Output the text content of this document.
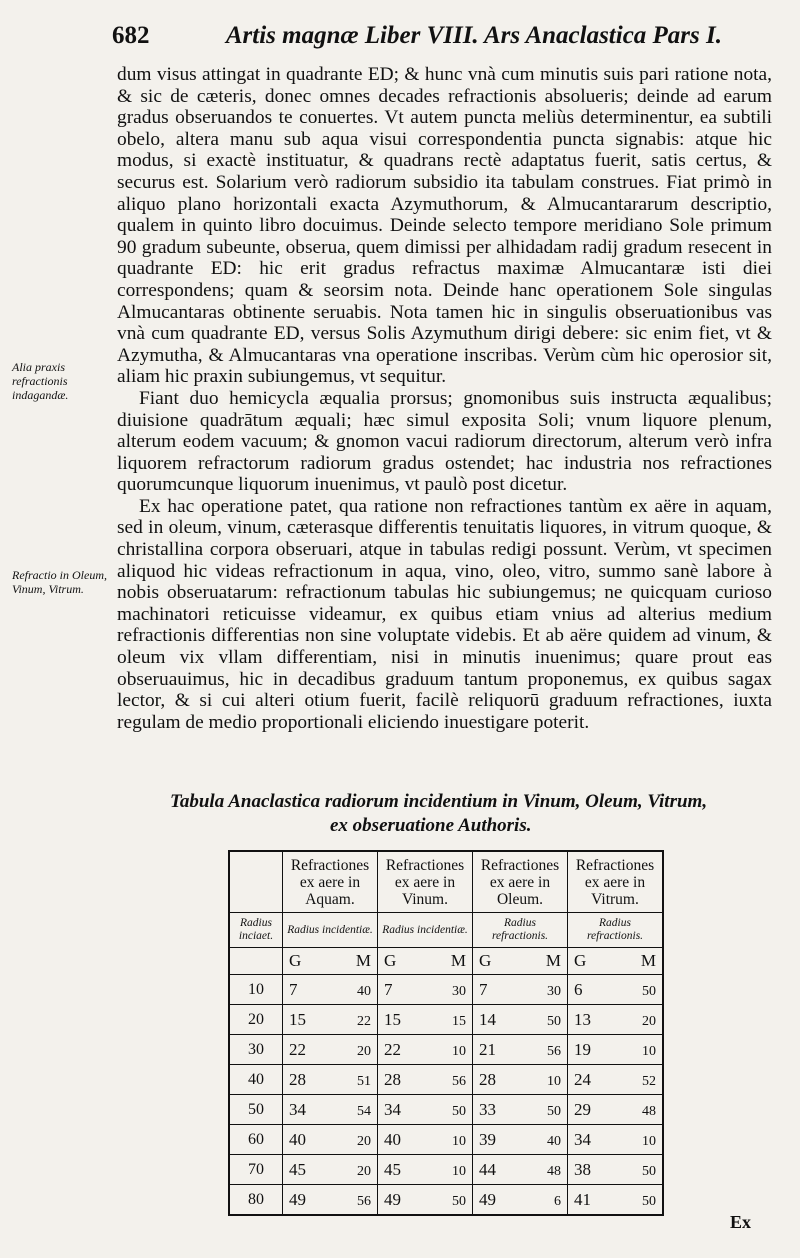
682	Artis magnæ Liber VIII. Ars Anaclastica Pars I.

dum visus attingat in quadrante ED; & hunc vnà cum minutis suis pari ratione nota, & sic de cæteris, donec omnes decades refractionis absolueris; deinde ad earum gradus obseruandos te conuertes. Vt autem puncta meliùs determinentur, ea subtili obelo, altera manu sub aqua visui correspondentia puncta signabis: atque hic modus, si exactè instituatur, & quadrans rectè adaptatus fuerit, satis certus, & securus est. Solarium verò radiorum subsidio ita tabulam construes. Fiat primò in aliquo plano horizontali exacta Azymuthorum, & Almucantararum descriptio, qualem in quinto libro docuimus. Deinde selecto tempore meridiano Sole primum 90 gradum subeunte, obserua, quem dimissi per alhidadam radij gradum resecent in quadrante ED: hic erit gradus refractus maximæ Almucantaræ isti diei correspondens; quam & seorsim nota. Deinde hanc operationem Sole singulas Almucantaras obtinente seruabis. Nota tamen hic in singulis obseruationibus vas vnà cum quadrante ED, versus Solis Azymuthum dirigi debere: sic enim fiet, vt & Azymutha, & Almucantaras vna operatione inscribas. Verùm cùm hic operosior sit, aliam hic praxin subiungemus, vt sequitur.

Fiant duo hemicycla æqualia prorsus; gnomonibus suis instructa æqualibus; diuisione quadrātum æquali; hæc simul exposita Soli; vnum liquore plenum, alterum eodem vacuum; & gnomon vacui radiorum directorum, alterum verò infra liquorem refractorum radiorum gradus ostendet; hac industria nos refractiones quorumcunque liquorum inuenimus, vt paulò post dicetur.

Ex hac operatione patet, qua ratione non refractiones tantùm ex aëre in aquam, sed in oleum, vinum, cæterasque differentis tenuitatis liquores, in vitrum quoque, & christallina corpora obseruari, atque in tabulas redigi possunt. Verùm, vt specimen aliquod hic videas refractionum in aqua, vino, oleo, vitro, summo sanè labore à nobis obseruatarum: refractionum tabulas hic subiungemus; ne quicquam curioso machinatori reticuisse videamur, ex quibus etiam vnius ad alterius medium refractionis differentias non sine voluptate videbis. Et ab aëre quidem ad vinum, & oleum vix vllam differentiam, nisi in minutis inuenimus; quare prout eas obseruauimus, hic in decadibus graduum tantum proponemus, ex quibus sagax lector, & si cui alteri otium fuerit, facilè reliquorū graduum refractiones, iuxta regulam de medio proportionali eliciendo inuestigare poterit.

Alia praxis refractionis indagandæ.
Refractio in Oleum, Vinum, Vitrum.
Tabula Anaclastica radiorum incidentium in Vinum, Oleum, Vitrum,
ex obseruatione Authoris.
	Refractiones ex aere in Aquam.	Refractiones ex aere in Vinum.	Refractiones ex aere in Oleum.	Refractiones ex aere in Vitrum.
Radius inciaet.	Radius incidentiæ.	Radius incidentiæ.	Radius refractionis.	Radius refractionis.

	G M	G M	G M	G M

10	7 40	7 30	7 30	6 50

20	15 22	15 15	14 50	13 20

30	22 20	22 10	21 56	19 10

40	28 51	28 56	28 10	24 52

50	34 54	34 50	33 50	29 48

60	40 20	40 10	39 40	34 10

70	45 20	45 10	44 48	38 50

80	49 56	49 50	49 6	41 50
Ex
